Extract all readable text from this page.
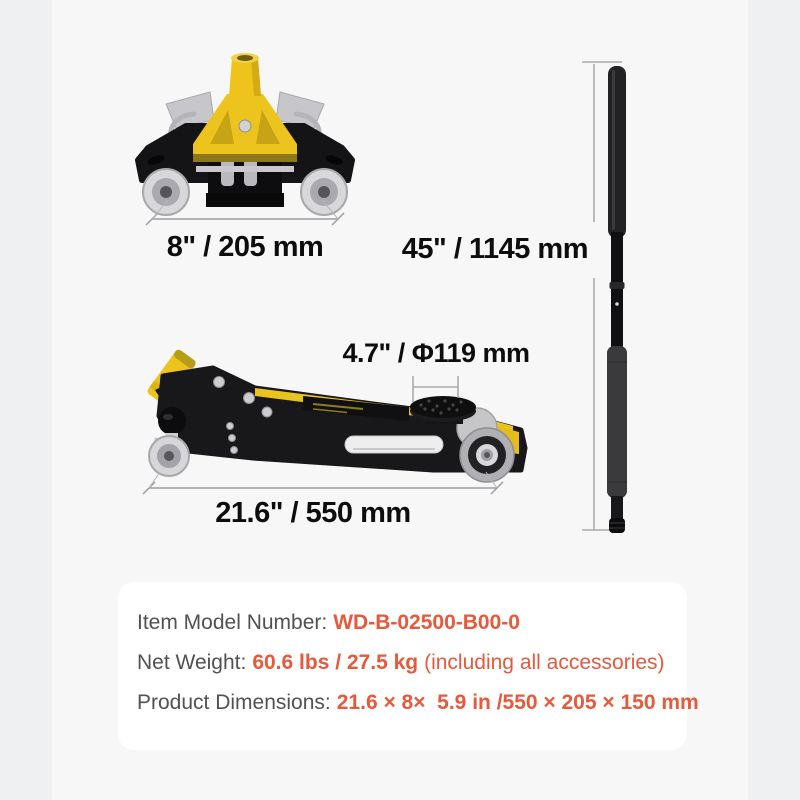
8" / 205 mm	45" / 1145 mm
4.7" / Φ119 mm
21.6" / 550 mm
Item Model Number: WD-B-02500-B00-0
Net Weight: 60.6 lbs / 27.5 kg (including all accessories)
Product Dimensions: 21.6 × 8×  5.9 in /550 × 205 × 150 mm
